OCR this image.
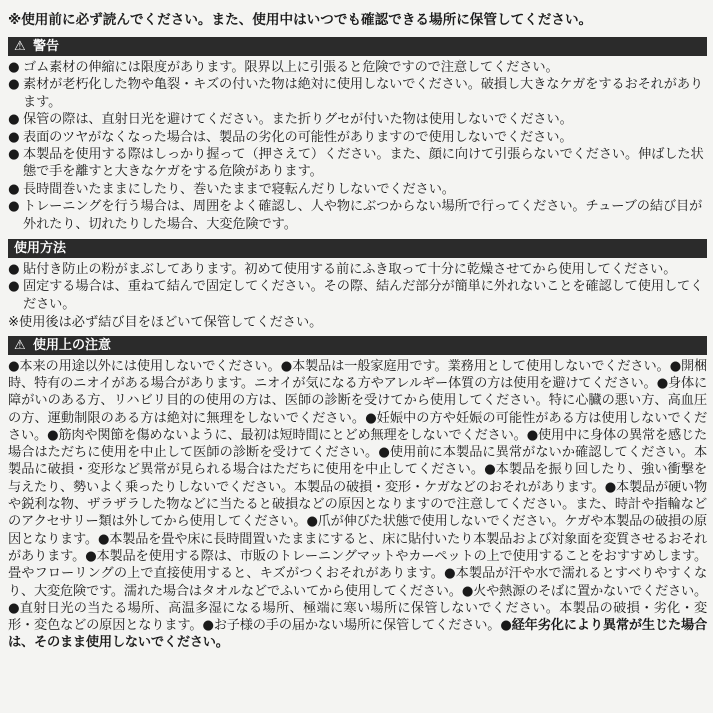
※使用前に必ず読んでください。また、使用中はいつでも確認できる場所に保管してください。
⚠ 警告
● ゴム素材の伸縮には限度があります。限界以上に引張ると危険ですので注意してください。
● 素材が老朽化した物や亀裂・キズの付いた物は絶対に使用しないでください。破損し大きなケガをするおそれがあります。
● 保管の際は、直射日光を避けてください。また折りグセが付いた物は使用しないでください。
● 表面のツヤがなくなった場合は、製品の劣化の可能性がありますので使用しないでください。
● 本製品を使用する際はしっかり握って（押さえて）ください。また、顔に向けて引張らないでください。伸ばした状態で手を離すと大きなケガをする危険があります。
● 長時間巻いたままにしたり、巻いたままで寝転んだりしないでください。
● トレーニングを行う場合は、周囲をよく確認し、人や物にぶつからない場所で行ってください。チューブの結び目が外れたり、切れたりした場合、大変危険です。
使用方法
● 貼付き防止の粉がまぶしてあります。初めて使用する前にふき取って十分に乾燥させてから使用してください。
● 固定する場合は、重ねて結んで固定してください。その際、結んだ部分が簡単に外れないことを確認して使用してください。
※使用後は必ず結び目をほどいて保管してください。
⚠ 使用上の注意
●本来の用途以外には使用しないでください。●本製品は一般家庭用です。業務用として使用しないでください。●開梱時、特有のニオイがある場合があります。ニオイが気になる方やアレルギー体質の方は使用を避けてください。●身体に障がいのある方、リハビリ目的の使用の方は、医師の診断を受けてから使用してください。特に心臓の悪い方、高血圧の方、運動制限のある方は絶対に無理をしないでください。●妊娠中の方や妊娠の可能性がある方は使用しないでください。●筋肉や関節を傷めないように、最初は短時間にとどめ無理をしないでください。●使用中に身体の異常を感じた場合はただちに使用を中止して医師の診断を受けてください。●使用前に本製品に異常がないか確認してください。本製品に破損・変形など異常が見られる場合はただちに使用を中止してください。●本製品を振り回したり、強い衝撃を与えたり、勢いよく乗ったりしないでください。本製品の破損・変形・ケガなどのおそれがあります。●本製品が硬い物や鋭利な物、ザラザラした物などに当たると破損などの原因となりますので注意してください。また、時計や指輪などのアクセサリー類は外してから使用してください。●爪が伸びた状態で使用しないでください。ケガや本製品の破損の原因となります。●本製品を畳や床に長時間置いたままにすると、床に貼付いたり本製品および対象面を変質させるおそれがあります。●本製品を使用する際は、市販のトレーニングマットやカーペットの上で使用することをおすすめします。畳やフローリングの上で直接使用すると、キズがつくおそれがあります。●本製品が汗や水で濡れるとすべりやすくなり、大変危険です。濡れた場合はタオルなどでふいてから使用してください。●火や熱源のそばに置かないでください。●直射日光の当たる場所、高温多湿になる場所、極端に寒い場所に保管しないでください。本製品の破損・劣化・変形・変色などの原因となります。●お子様の手の届かない場所に保管してください。●経年劣化により異常が生じた場合は、そのまま使用しないでください。
